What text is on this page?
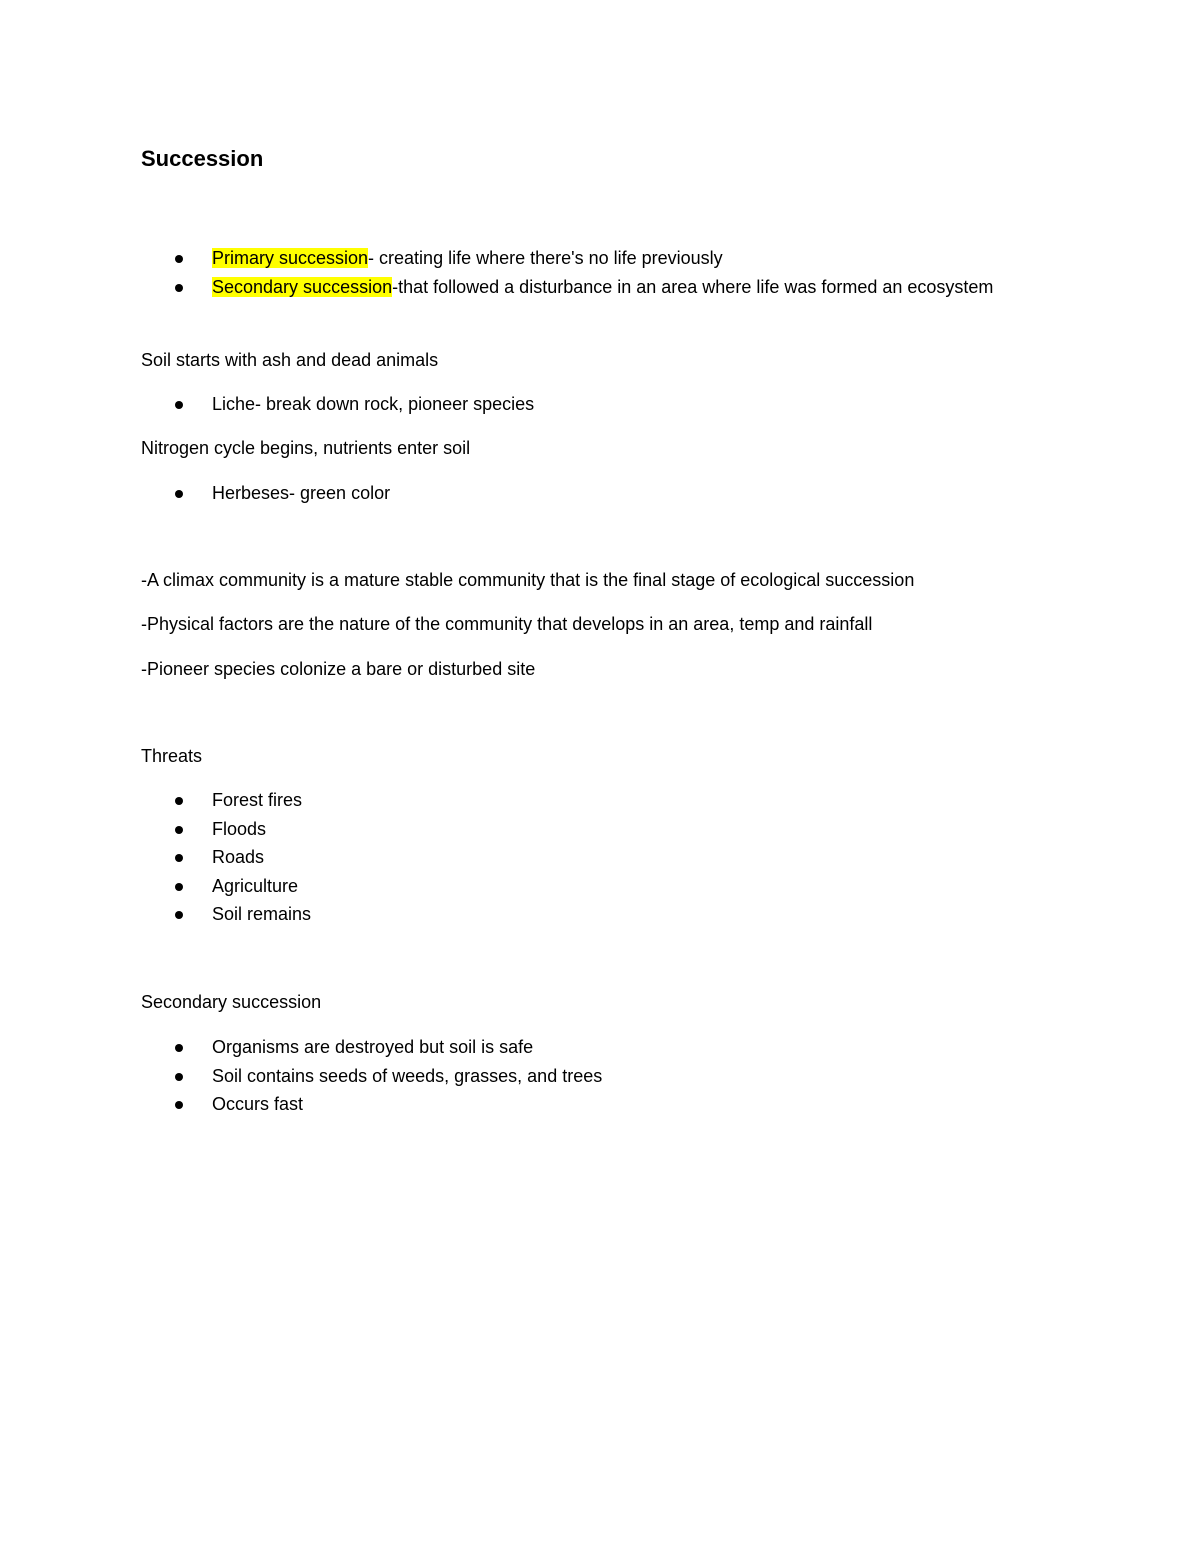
Succession
Primary succession- creating life where there's no life previously
Secondary succession-that followed a disturbance in an area where life was formed an ecosystem

Soil starts with ash and dead animals

Liche- break down rock, pioneer species

Nitrogen cycle begins, nutrients enter soil

Herbeses- green color

-A climax community is a mature stable community that is the final stage of ecological succession

-Physical factors are the nature of the community that develops in an area, temp and rainfall

-Pioneer species colonize a bare or disturbed site

Threats

Forest fires
Floods
Roads
Agriculture
Soil remains

Secondary succession

Organisms are destroyed but soil is safe
Soil contains seeds of weeds, grasses, and trees
Occurs fast
